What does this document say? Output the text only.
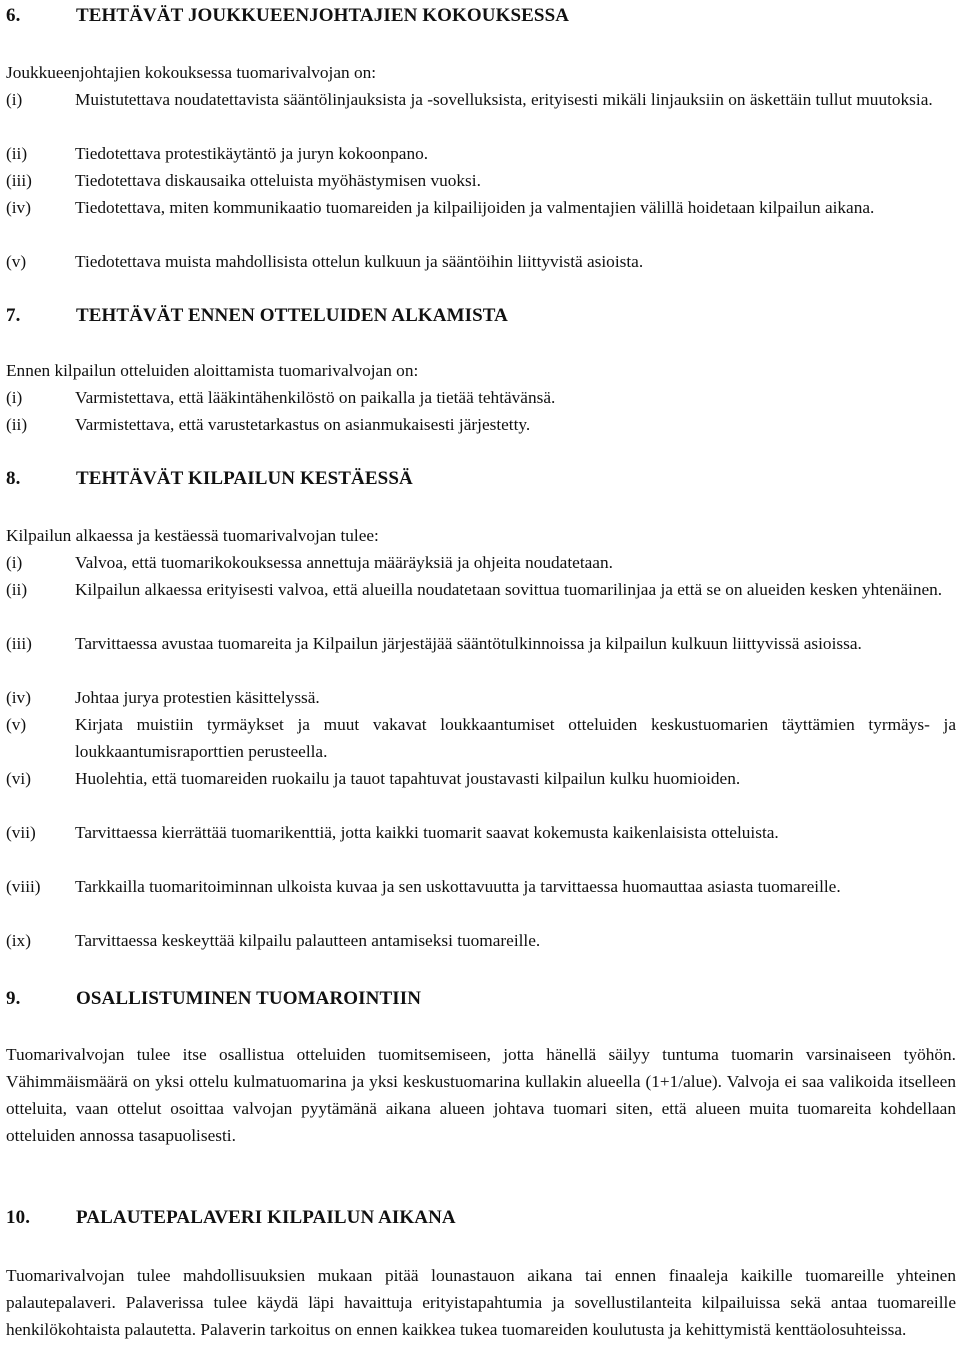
6.	TEHTÄVÄT JOUKKUEENJOHTAJIEN KOKOUKSESSA

Joukkueenjohtajien kokouksessa tuomarivalvojan on:

(i)	Muistutettava noudatettavista sääntölinjauksista ja -sovelluksista, erityisesti mikäli linjauksiin on äskettäin tullut muutoksia.
(ii)	Tiedotettava protestikäytäntö ja juryn kokoonpano.
(iii) Tiedotettava diskausaika otteluista myöhästymisen vuoksi.
(iv)	Tiedotettava, miten kommunikaatio tuomareiden ja kilpailijoiden ja valmentajien välillä hoidetaan kilpailun aikana.
(v)	Tiedotettava muista mahdollisista ottelun kulkuun ja sääntöihin liittyvistä asioista.
7.	TEHTÄVÄT ENNEN OTTELUIDEN ALKAMISTA

Ennen kilpailun otteluiden aloittamista tuomarivalvojan on:

(i)	Varmistettava, että lääkintähenkilöstö on paikalla ja tietää tehtävänsä.
(ii)	Varmistettava, että varustetarkastus on asianmukaisesti järjestetty.
8.	TEHTÄVÄT KILPAILUN KESTÄESSÄ

Kilpailun alkaessa ja kestäessä tuomarivalvojan tulee:

(i)	Valvoa, että tuomarikokouksessa annettuja määräyksiä ja ohjeita noudatetaan.
(ii)	Kilpailun alkaessa erityisesti valvoa, että alueilla noudatetaan sovittua tuomarilinjaa ja että se on alueiden kesken yhtenäinen.
(iii) Tarvittaessa avustaa tuomareita ja Kilpailun järjestäjää sääntötulkinnoissa ja kilpailun kulkuun liittyvissä asioissa.
(iv)	Johtaa jurya protestien käsittelyssä.
(v)	Kirjata muistiin tyrmäykset ja muut vakavat loukkaantumiset otteluiden keskustuomarien täyttämien tyrmäys- ja loukkaantumisraporttien perusteella.
(vi)	Huolehtia, että tuomareiden ruokailu ja tauot tapahtuvat joustavasti kilpailun kulku huomioiden.
(vii) Tarvittaessa kierrättää tuomarikenttiä, jotta kaikki tuomarit saavat kokemusta kaikenlaisista otteluista.
(viii) Tarkkailla tuomaritoiminnan ulkoista kuvaa ja sen uskottavuutta ja tarvittaessa huomauttaa asiasta tuomareille.
(ix)	Tarvittaessa keskeyttää kilpailu palautteen antamiseksi tuomareille.
9.	OSALLISTUMINEN TUOMAROINTIIN

Tuomarivalvojan tulee itse osallistua otteluiden tuomitsemiseen, jotta hänellä säilyy tuntuma tuomarin varsinaiseen työhön. Vähimmäismäärä on yksi ottelu kulmatuomarina ja yksi keskustuomarina kullakin alueella (1+1/alue). Valvoja ei saa valikoida itselleen otteluita, vaan ottelut osoittaa valvojan pyytämänä aikana alueen johtava tuomari siten, että alueen muita tuomareita kohdellaan otteluiden annossa tasapuolisesti.

10. PALAUTEPALAVERI KILPAILUN AIKANA

Tuomarivalvojan tulee mahdollisuuksien mukaan pitää lounastauon aikana tai ennen finaaleja kaikille tuomareille yhteinen palautepalaveri. Palaverissa tulee käydä läpi havaittuja erityistapahtumia ja sovellustilanteita kilpailuissa sekä antaa tuomareille henkilökohtaista palautetta. Palaverin tarkoitus on ennen kaikkea tukea tuomareiden koulutusta ja kehittymistä kenttäolosuhteissa.
